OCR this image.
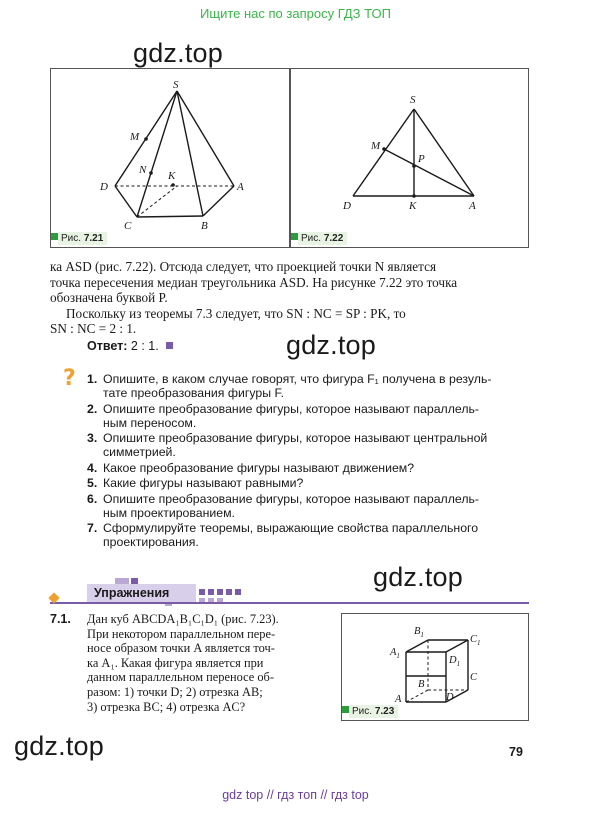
Ищите нас по запросу ГДЗ ТОП
gdz.top
gdz.top
gdz.top
gdz.top
S
M
N K
D	A
C	B
Рис. 7.21
S
M
P
D	K	A
Рис. 7.22
ка ASD (рис. 7.22). Отсюда следует, что проекцией точки N является
точка пересечения медиан треугольника ASD. На рисунке 7.22 это точка
обозначена буквой P.
Поскольку из теоремы 7.3 следует, что SN : NC = SP : PK, то
SN : NC = 2 : 1.
Ответ: 2 : 1.
? 1. Опишите, в каком случае говорят, что фигура F₁ получена в резуль-
тате преобразования фигуры F.
2. Опишите преобразование фигуры, которое называют параллель-
ным переносом.
3. Опишите преобразование фигуры, которое называют центральной
симметрией.
4. Какое преобразование фигуры называют движением?
5. Какие фигуры называют равными?
6. Опишите преобразование фигуры, которое называют параллель-
ным проектированием.
7. Сформулируйте теоремы, выражающие свойства параллельного
проектирования.
Упражнения
7.1. Дан куб ABCDA₁B₁C₁D₁ (рис. 7.23).
При некотором параллельном пере-
носе образом точки A является точ-
ка A₁. Какая фигура является при
данном параллельном переносе об-
разом: 1) точки D; 2) отрезка AB;
3) отрезка BC; 4) отрезка AC?
$B_1$	$C_1$
$A_1$	$D_1$
B
C
A	D
Рис. 7.23
79
gdz top // гдз топ // гдз top
